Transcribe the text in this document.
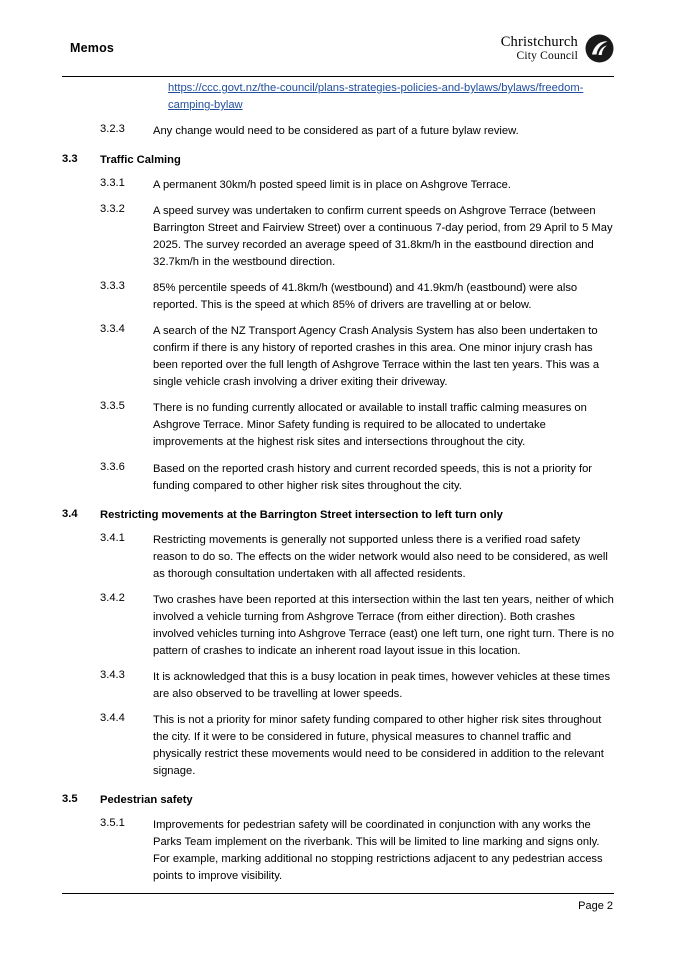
Memos	Christchurch
City Council
https://ccc.govt.nz/the-council/plans-strategies-policies-and-bylaws/bylaws/freedom-camping-bylaw
3.2.3	Any change would need to be considered as part of a future bylaw review.
3.3	Traffic Calming
3.3.1	A permanent 30km/h posted speed limit is in place on Ashgrove Terrace.
3.3.2	A speed survey was undertaken to confirm current speeds on Ashgrove Terrace (between Barrington Street and Fairview Street) over a continuous 7-day period, from 29 April to 5 May 2025. The survey recorded an average speed of 31.8km/h in the eastbound direction and 32.7km/h in the westbound direction.
3.3.3	85% percentile speeds of 41.8km/h (westbound) and 41.9km/h (eastbound) were also reported. This is the speed at which 85% of drivers are travelling at or below.
3.3.4	A search of the NZ Transport Agency Crash Analysis System has also been undertaken to confirm if there is any history of reported crashes in this area. One minor injury crash has been reported over the full length of Ashgrove Terrace within the last ten years. This was a single vehicle crash involving a driver exiting their driveway.
3.3.5	There is no funding currently allocated or available to install traffic calming measures on Ashgrove Terrace. Minor Safety funding is required to be allocated to undertake improvements at the highest risk sites and intersections throughout the city.
3.3.6	Based on the reported crash history and current recorded speeds, this is not a priority for funding compared to other higher risk sites throughout the city.
3.4	Restricting movements at the Barrington Street intersection to left turn only
3.4.1	Restricting movements is generally not supported unless there is a verified road safety reason to do so. The effects on the wider network would also need to be considered, as well as thorough consultation undertaken with all affected residents.
3.4.2	Two crashes have been reported at this intersection within the last ten years, neither of which involved a vehicle turning from Ashgrove Terrace (from either direction). Both crashes involved vehicles turning into Ashgrove Terrace (east) one left turn, one right turn. There is no pattern of crashes to indicate an inherent road layout issue in this location.
3.4.3	It is acknowledged that this is a busy location in peak times, however vehicles at these times are also observed to be travelling at lower speeds.
3.4.4	This is not a priority for minor safety funding compared to other higher risk sites throughout the city. If it were to be considered in future, physical measures to channel traffic and physically restrict these movements would need to be considered in addition to the relevant signage.
3.5	Pedestrian safety
3.5.1	Improvements for pedestrian safety will be coordinated in conjunction with any works the Parks Team implement on the riverbank. This will be limited to line marking and signs only. For example, marking additional no stopping restrictions adjacent to any pedestrian access points to improve visibility.
Page 2
